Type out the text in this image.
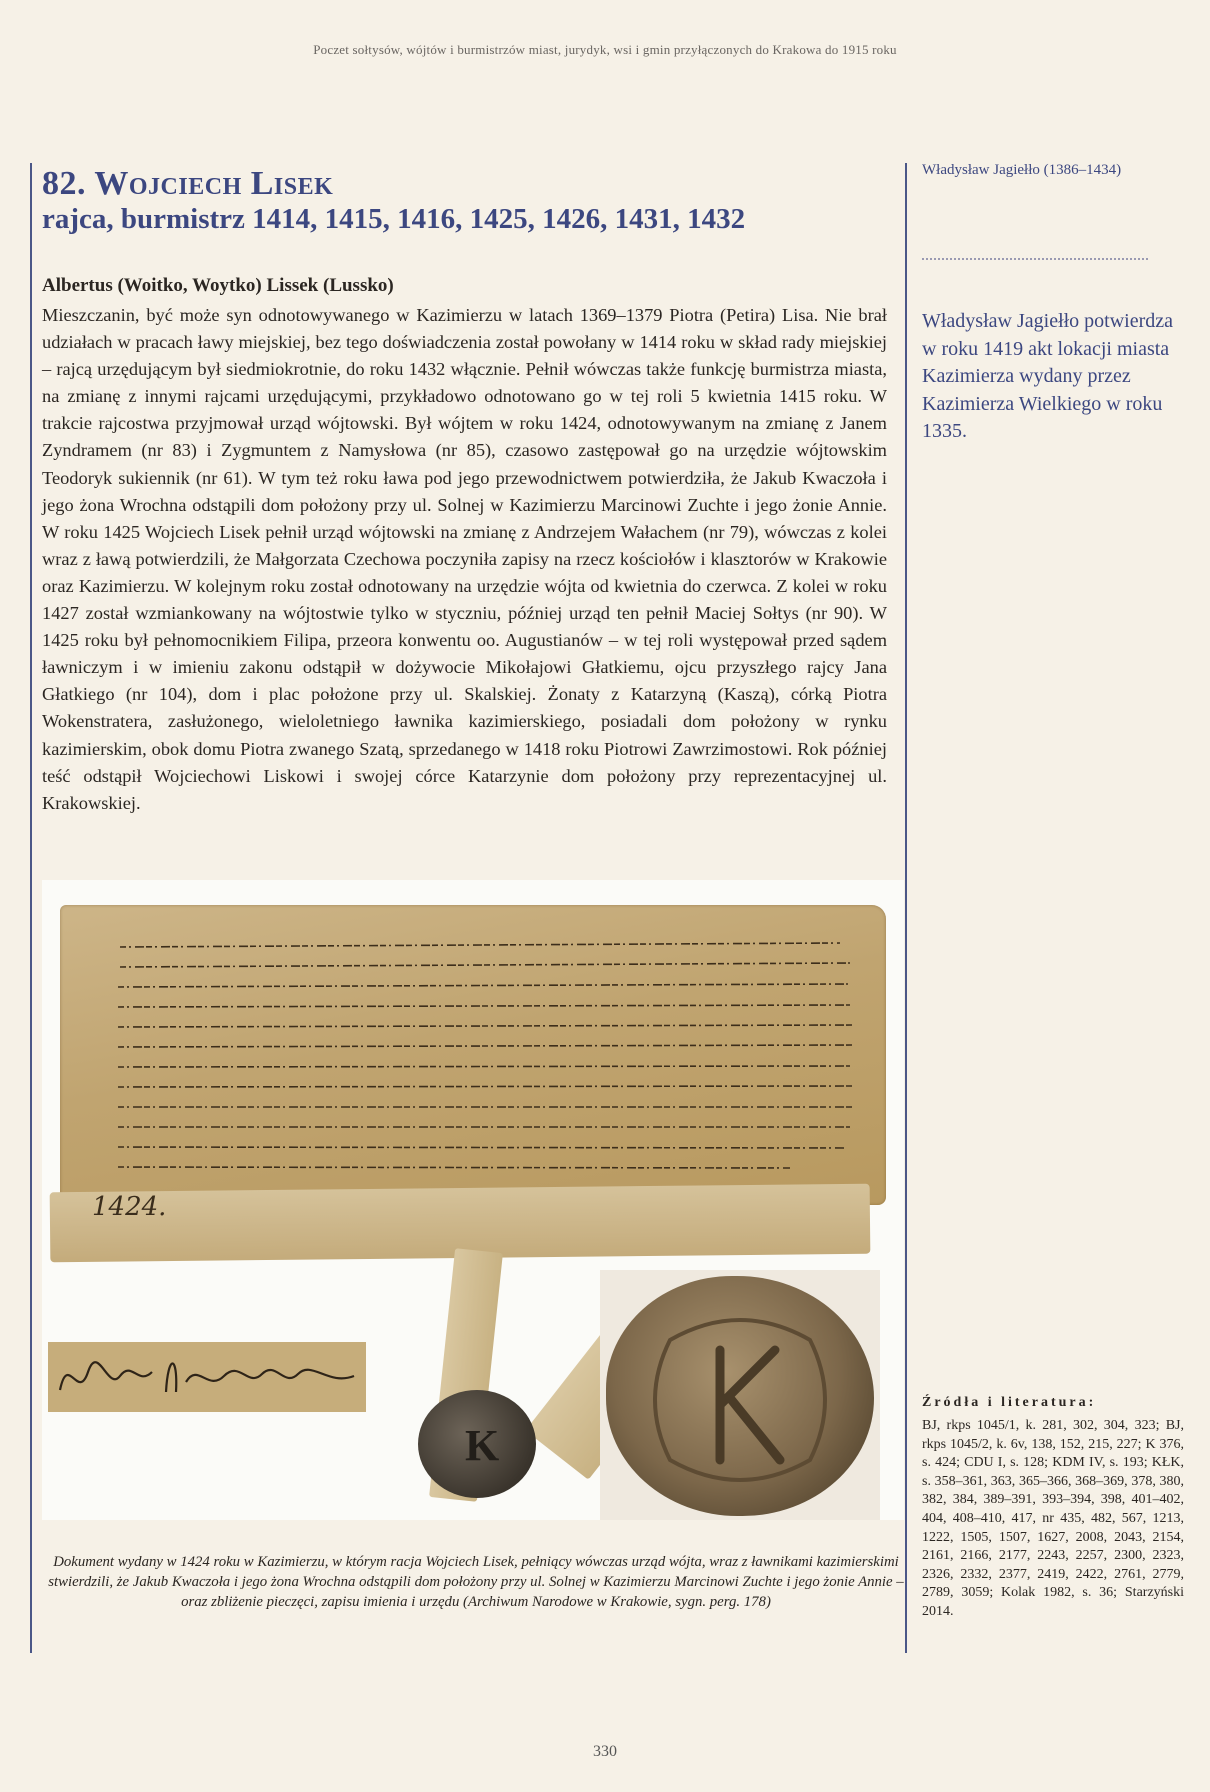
Poczet sołtysów, wójtów i burmistrzów miast, jurydyk, wsi i gmin przyłączonych do Krakowa do 1915 roku
82. Wojciech Lisek
rajca, burmistrz 1414, 1415, 1416, 1425, 1426, 1431, 1432
Albertus (Woitko, Woytko) Lissek (Lussko)

Mieszczanin, być może syn odnotowywanego w Kazimierzu w latach 1369–1379 Piotra (Petira) Lisa. Nie brał udziałach w pracach ławy miejskiej, bez tego doświadczenia został powołany w 1414 roku w skład rady miejskiej – rajcą urzędującym był siedmiokrotnie, do roku 1432 włącznie. Pełnił wówczas także funkcję burmistrza miasta, na zmianę z innymi rajcami urzędującymi, przykładowo odnotowano go w tej roli 5 kwietnia 1415 roku. W trakcie rajcostwa przyjmował urząd wójtowski. Był wójtem w roku 1424, odnotowywanym na zmianę z Janem Zyndramem (nr 83) i Zygmuntem z Namysłowa (nr 85), czasowo zastępował go na urzędzie wójtowskim Teodoryk sukiennik (nr 61). W tym też roku ława pod jego przewodnictwem potwierdziła, że Jakub Kwaczoła i jego żona Wrochna odstąpili dom położony przy ul. Solnej w Kazimierzu Marcinowi Zuchte i jego żonie Annie. W roku 1425 Wojciech Lisek pełnił urząd wójtowski na zmianę z Andrzejem Wałachem (nr 79), wówczas z kolei wraz z ławą potwierdzili, że Małgorzata Czechowa poczyniła zapisy na rzecz kościołów i klasztorów w Krakowie oraz Kazimierzu. W kolejnym roku został odnotowany na urzędzie wójta od kwietnia do czerwca. Z kolei w roku 1427 został wzmiankowany na wójtostwie tylko w styczniu, później urząd ten pełnił Maciej Sołtys (nr 90). W 1425 roku był pełnomocnikiem Filipa, przeora konwentu oo. Augustianów – w tej roli występował przed sądem ławniczym i w imieniu zakonu odstąpił w dożywocie Mikołajowi Głatkiemu, ojcu przyszłego rajcy Jana Głatkiego (nr 104), dom i plac położone przy ul. Skalskiej. Żonaty z Katarzyną (Kaszą), córką Piotra Wokenstratera, zasłużonego, wieloletniego ławnika kazimierskiego, posiadali dom położony w rynku kazimierskim, obok domu Piotra zwanego Szatą, sprzedanego w 1418 roku Piotrowi Zawrzimostowi. Rok później teść odstąpił Wojciechowi Liskowi i swojej córce Katarzynie dom położony przy reprezentacyjnej ul. Krakowskiej.

Władysław Jagiełło (1386–1434)

Władysław Jagiełło potwierdza w roku 1419 akt lokacji miasta Kazimierza wydany przez Kazimierza Wielkiego w roku 1335.

1424.
K

Dokument wydany w 1424 roku w Kazimierzu, w którym racja Wojciech Lisek, pełniący wówczas urząd wójta, wraz z ławnikami kazimierskimi stwierdzili, że Jakub Kwaczoła i jego żona Wrochna odstąpili dom położony przy ul. Solnej w Kazimierzu Marcinowi Zuchte i jego żonie Annie – oraz zbliżenie pieczęci, zapisu imienia i urzędu (Archiwum Narodowe w Krakowie, sygn. perg. 178)

Źródła i literatura:

BJ, rkps 1045/1, k. 281, 302, 304, 323; BJ, rkps 1045/2, k. 6v, 138, 152, 215, 227; K 376, s. 424; CDU I, s. 128; KDM IV, s. 193; KŁK, s. 358–361, 363, 365–366, 368–369, 378, 380, 382, 384, 389–391, 393–394, 398, 401–402, 404, 408–410, 417, nr 435, 482, 567, 1213, 1222, 1505, 1507, 1627, 2008, 2043, 2154, 2161, 2166, 2177, 2243, 2257, 2300, 2323, 2326, 2332, 2377, 2419, 2422, 2761, 2779, 2789, 3059; Kolak 1982, s. 36; Starzyński 2014.

330
